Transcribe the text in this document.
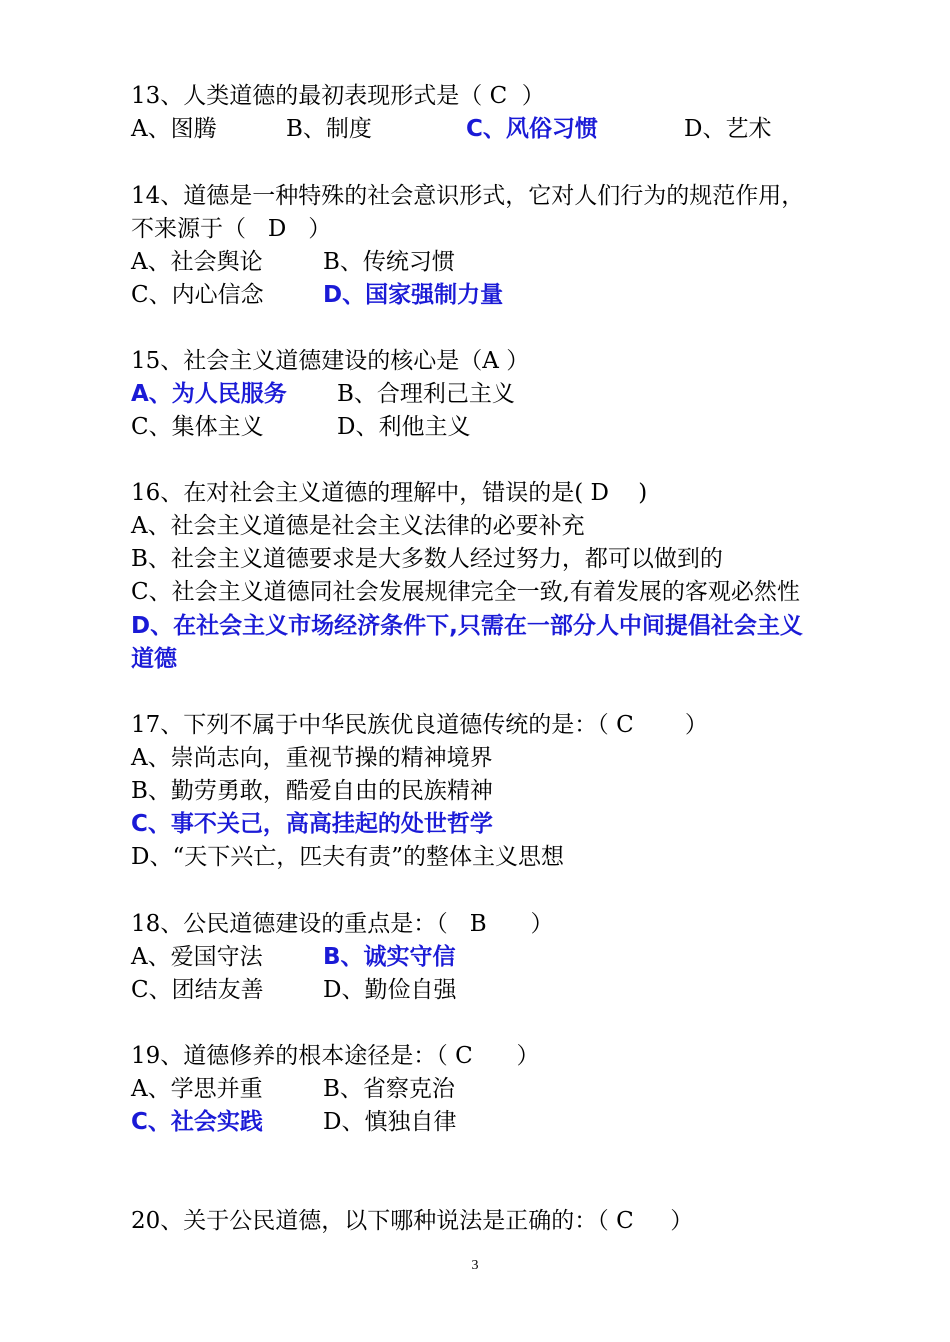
13、人类道德的最初表现形式是（ C  ）

A、图腾

	B、制度

	C、风俗习惯

	D、艺术

14、道德是一种特殊的社会意识形式，它对人们行为的规范作用，
不来源于（   D   ）

A、社会舆论

	B、传统习惯

C、内心信念

	D、国家强制力量

15、社会主义道德建设的核心是（A ）

A、为人民服务

B、合理利己主义

C、集体主义

	D、利他主义

16、在对社会主义道德的理解中，错误的是( D    )
A、社会主义道德是社会主义法律的必要补充
B、社会主义道德要求是大多数人经过努力，都可以做到的
C、社会主义道德同社会发展规律完全一致,有着发展的客观必然性
D、在社会主义市场经济条件下,只需在一部分人中间提倡社会主义
道德
17、下列不属于中华民族优良道德传统的是：（ C       ）
A、崇尚志向，重视节操的精神境界
B、勤劳勇敢，酷爱自由的民族精神
C、事不关己，高高挂起的处世哲学
D、“天下兴亡，匹夫有责”的整体主义思想
18、公民道德建设的重点是：（   B      ）

A、爱国守法

	B、诚实守信

C、团结友善

	D、勤俭自强

19、道德修养的根本途径是：（ C      ）

A、学思并重

	B、省察克治

C、社会实践

	D、慎独自律

20、关于公民道德，以下哪种说法是正确的：（ C     ）
3
